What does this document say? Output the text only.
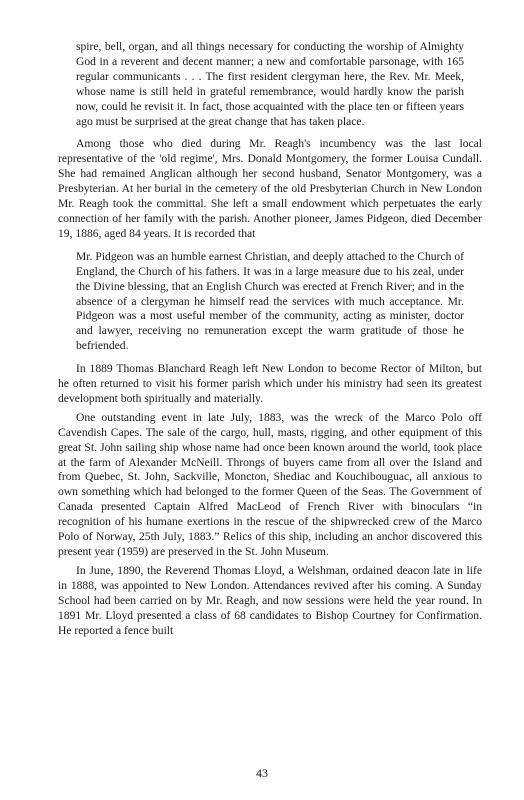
spire, bell, organ, and all things necessary for conducting the worship of Almighty God in a reverent and decent manner; a new and comfortable parsonage, with 165 regular communicants . . . The first resident clergyman here, the Rev. Mr. Meek, whose name is still held in grateful remembrance, would hardly know the parish now, could he revisit it. In fact, those acquainted with the place ten or fifteen years ago must be surprised at the great change that has taken place.

Among those who died during Mr. Reagh's incumbency was the last local representative of the 'old regime', Mrs. Donald Montgomery, the former Louisa Cundall. She had remained Anglican although her second husband, Senator Montgomery, was a Presbyterian. At her burial in the cemetery of the old Presbyterian Church in New London Mr. Reagh took the committal. She left a small endowment which perpetuates the early connection of her family with the parish. Another pioneer, James Pidgeon, died December 19, 1886, aged 84 years. It is recorded that

Mr. Pidgeon was an humble earnest Christian, and deeply attached to the Church of England, the Church of his fathers. It was in a large measure due to his zeal, under the Divine blessing, that an English Church was erected at French River; and in the absence of a clergyman he himself read the services with much acceptance. Mr. Pidgeon was a most useful member of the community, acting as minister, doctor and lawyer, receiving no remuneration except the warm gratitude of those he befriended.

In 1889 Thomas Blanchard Reagh left New London to become Rector of Milton, but he often returned to visit his former parish which under his ministry had seen its greatest development both spiritually and materially.

One outstanding event in late July, 1883, was the wreck of the Marco Polo off Cavendish Capes. The sale of the cargo, hull, masts, rigging, and other equipment of this great St. John sailing ship whose name had once been known around the world, took place at the farm of Alexander McNeill. Throngs of buyers came from all over the Island and from Quebec, St. John, Sackville, Moncton, Shediac and Kouchibouguac, all anxious to own something which had belonged to the former Queen of the Seas. The Government of Canada presented Captain Alfred MacLeod of French River with binoculars “in recognition of his humane exertions in the rescue of the shipwrecked crew of the Marco Polo of Norway, 25th July, 1883.” Relics of this ship, including an anchor discovered this present year (1959) are preserved in the St. John Museum.

In June, 1890, the Reverend Thomas Lloyd, a Welshman, ordained deacon late in life in 1888, was appointed to New London. Attendances revived after his coming. A Sunday School had been carried on by Mr. Reagh, and now sessions were held the year round. In 1891 Mr. Lloyd presented a class of 68 candidates to Bishop Courtney for Confirmation. He reported a fence built

43
